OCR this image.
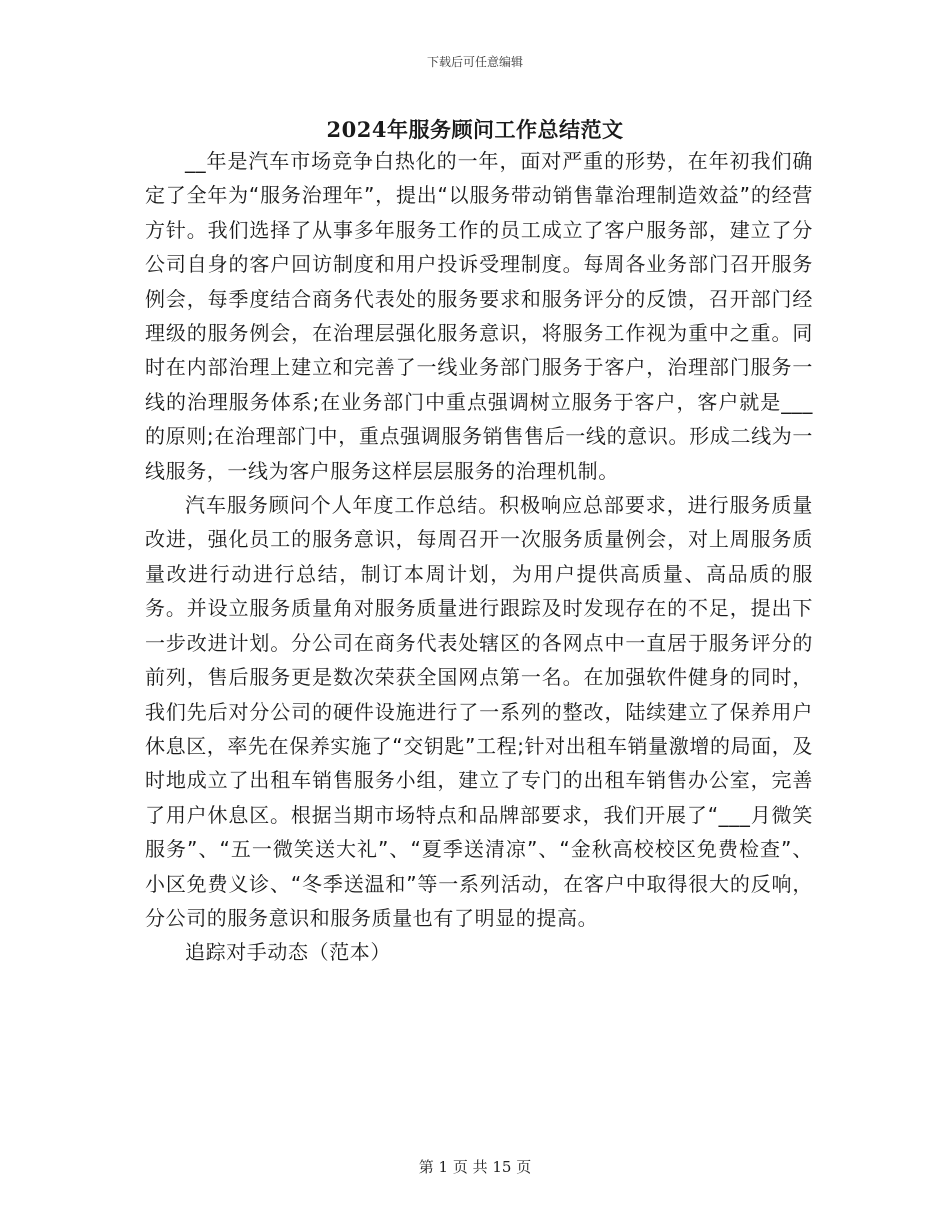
下载后可任意编辑
2024年服务顾问工作总结范文

__年是汽车市场竞争白热化的一年，面对严重的形势，在年初我们确定了全年为“服务治理年”，提出“以服务带动销售靠治理制造效益”的经营方针。我们选择了从事多年服务工作的员工成立了客户服务部，建立了分公司自身的客户回访制度和用户投诉受理制度。每周各业务部门召开服务例会，每季度结合商务代表处的服务要求和服务评分的反馈，召开部门经理级的服务例会，在治理层强化服务意识，将服务工作视为重中之重。同时在内部治理上建立和完善了一线业务部门服务于客户，治理部门服务一线的治理服务体系;在业务部门中重点强调树立服务于客户，客户就是___的原则;在治理部门中，重点强调服务销售售后一线的意识。形成二线为一线服务，一线为客户服务这样层层服务的治理机制。

汽车服务顾问个人年度工作总结。积极响应总部要求，进行服务质量改进，强化员工的服务意识，每周召开一次服务质量例会，对上周服务质量改进行动进行总结，制订本周计划，为用户提供高质量、高品质的服务。并设立服务质量角对服务质量进行跟踪及时发现存在的不足，提出下一步改进计划。分公司在商务代表处辖区的各网点中一直居于服务评分的前列，售后服务更是数次荣获全国网点第一名。在加强软件健身的同时，我们先后对分公司的硬件设施进行了一系列的整改，陆续建立了保养用户休息区，率先在保养实施了“交钥匙”工程;针对出租车销量激增的局面，及时地成立了出租车销售服务小组，建立了专门的出租车销售办公室，完善了用户休息区。根据当期市场特点和品牌部要求，我们开展了“___月微笑服务”、“五一微笑送大礼”、“夏季送清凉”、“金秋高校校区免费检查”、小区免费义诊、“冬季送温和”等一系列活动，在客户中取得很大的反响，分公司的服务意识和服务质量也有了明显的提高。

追踪对手动态（范本）

第 1 页 共 15 页
